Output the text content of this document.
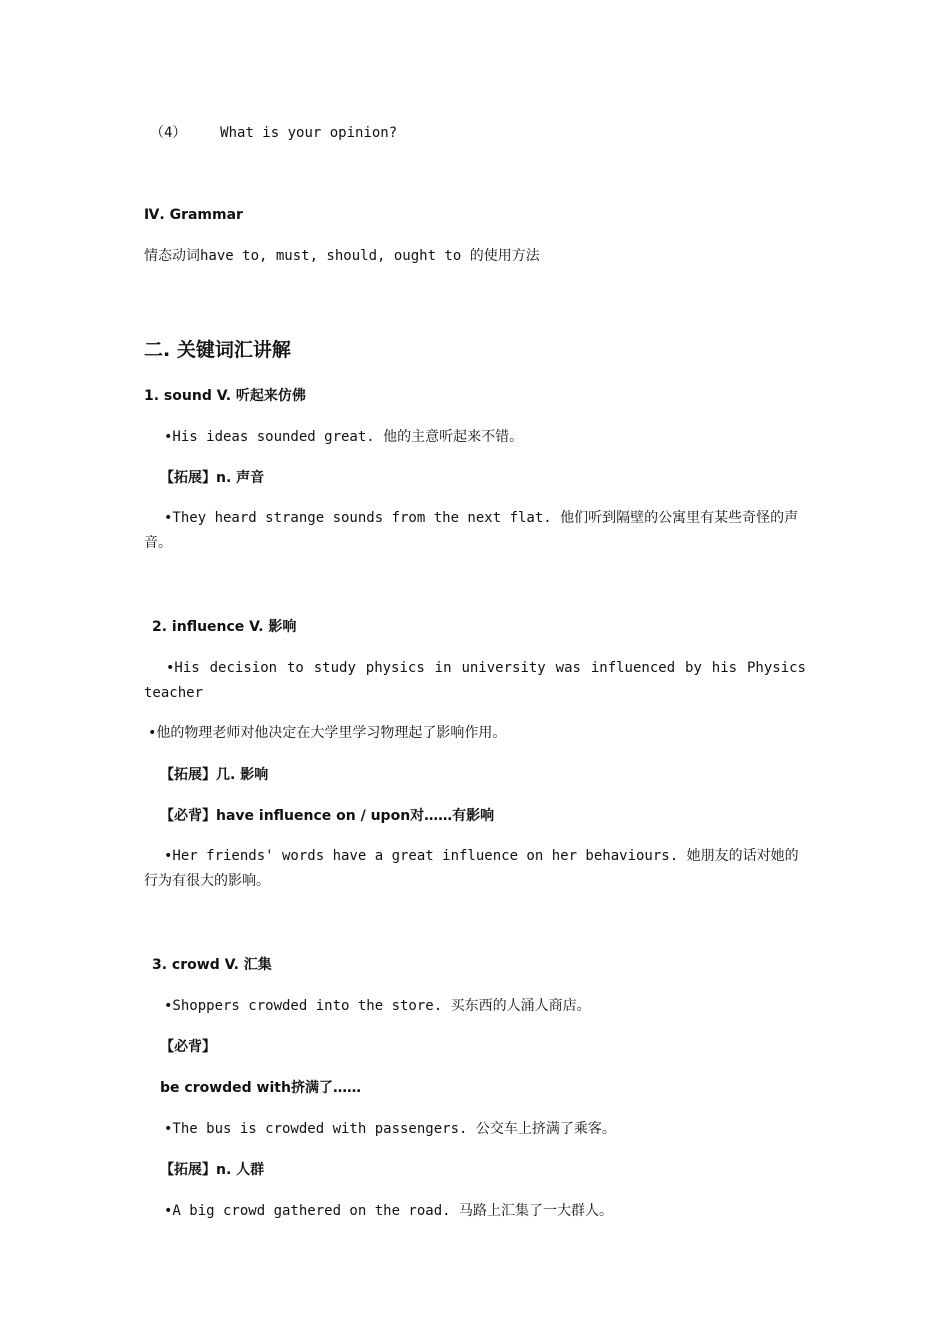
（4） What is your opinion?
Ⅳ. Grammar
情态动词have to, must, should, ought to 的使用方法
二. 关键词汇讲解
1. sound V. 听起来仿佛
•His ideas sounded great. 他的主意听起来不错。
【拓展】n. 声音
•They heard strange sounds from the next flat. 他们听到隔壁的公寓里有某些奇怪的声音。
2. influence V. 影响
•His decision to study physics in university was influenced by his Physics
teacher
•他的物理老师对他决定在大学里学习物理起了影响作用。
【拓展】几. 影响
【必背】have influence on / upon对……有影响
•Her friends' words have a great influence on her behaviours. 她朋友的话对她的行为有很大的影响。
3. crowd V. 汇集
•Shoppers crowded into the store. 买东西的人涌人商店。
【必背】
be crowded with挤满了……
•The bus is crowded with passengers. 公交车上挤满了乘客。
【拓展】n. 人群
•A big crowd gathered on the road. 马路上汇集了一大群人。
